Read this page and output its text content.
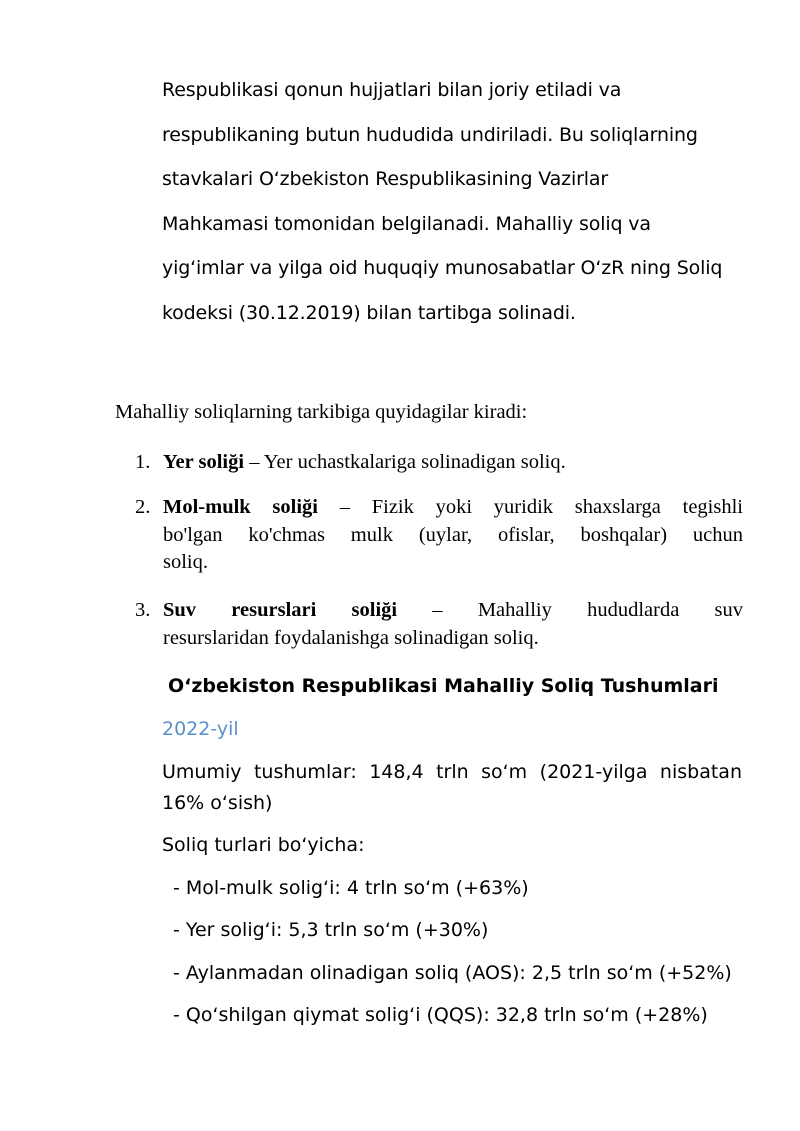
Respublikasi qonun hujjatlari bilan joriy etiladi va
respublikaning butun hududida undiriladi. Bu soliqlarning
stavkalari O‘zbekiston Respublikasining Vazirlar
Mahkamasi tomonidan belgilanadi. Mahalliy soliq va
yig‘imlar va yilga oid huquqiy munosabatlar O‘zR ning Soliq
kodeksi (30.12.2019) bilan tartibga solinadi.
Mahalliy soliqlarning tarkibiga quyidagilar kiradi:
1. Yer soliği – Yer uchastkalariga solinadigan soliq.
2. Mol-mulk soliği – Fizik yoki yuridik shaxslarga tegishli
bo'lgan ko'chmas mulk (uylar, ofislar, boshqalar) uchun
soliq.
3. Suv resurslari soliği – Mahalliy hududlarda suv
resurslaridan foydalanishga solinadigan soliq.
O‘zbekiston Respublikasi Mahalliy Soliq Tushumlari
2022-yil
Umumiy tushumlar: 148,4 trln so‘m (2021-yilga nisbatan
16% o‘sish)
Soliq turlari bo‘yicha:
- Mol-mulk solig‘i: 4 trln so‘m (+63%)
- Yer solig‘i: 5,3 trln so‘m (+30%)
- Aylanmadan olinadigan soliq (AOS): 2,5 trln so‘m (+52%)
- Qo‘shilgan qiymat solig‘i (QQS): 32,8 trln so‘m (+28%)
